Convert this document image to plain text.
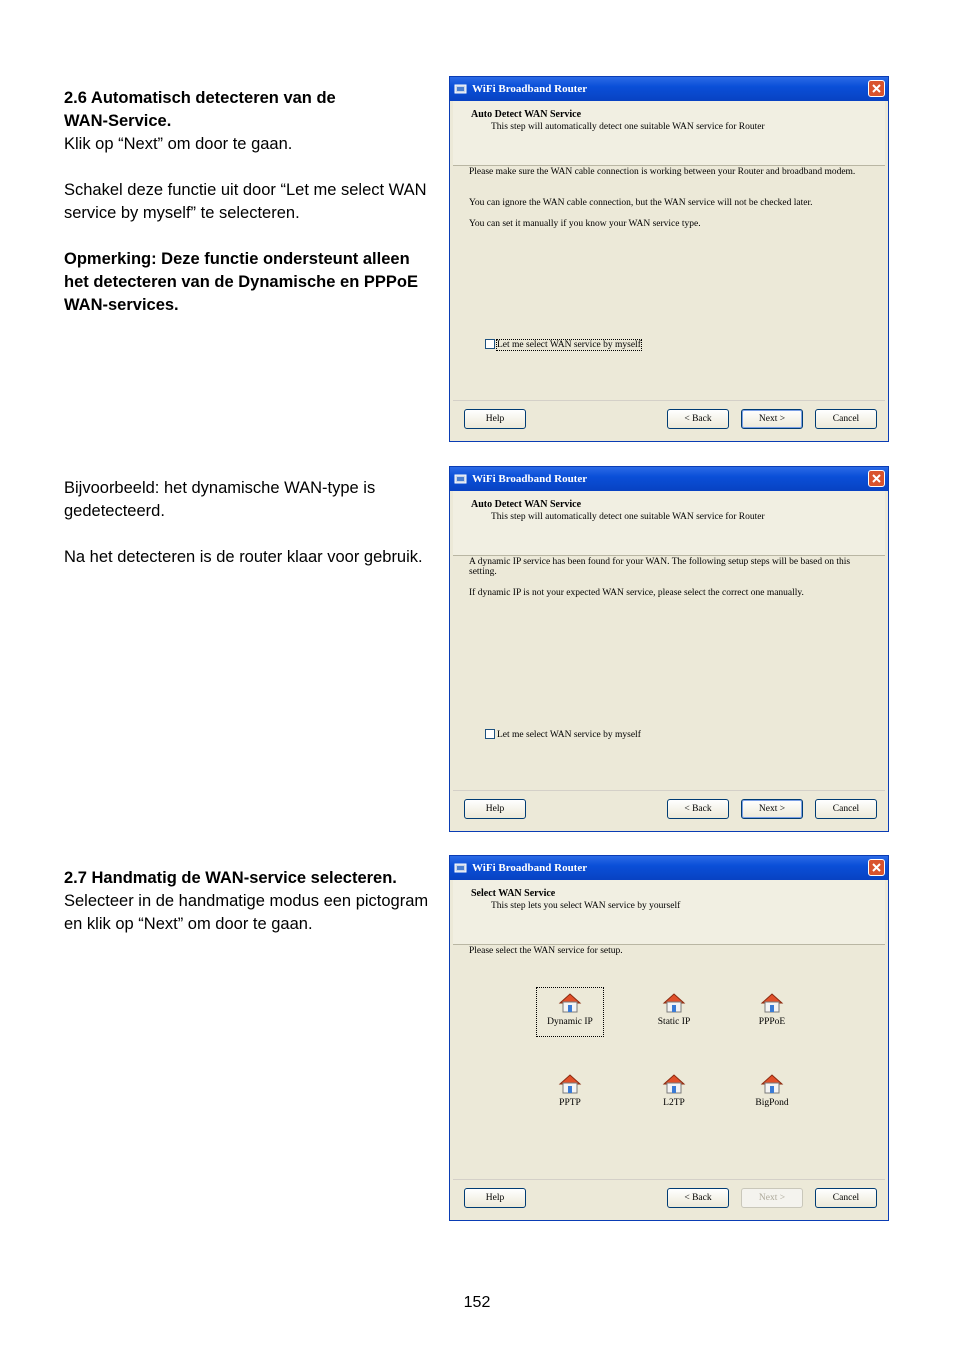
2.6 Automatisch detecteren van de
WAN-Service.

Klik op “Next” om door te gaan.

Schakel deze functie uit door “Let me select WAN service by myself” te selecteren.

Opmerking: Deze functie ondersteunt alleen het detecteren van de Dynamische en PPPoE WAN-services.

Bijvoorbeeld: het dynamische WAN-type is gedetecteerd.

Na het detecteren is de router klaar voor gebruik.

2.7 Handmatig de WAN-service selecteren.

Selecteer in de handmatige modus een pictogram en klik op “Next” om door te gaan.

WiFi Broadband Router
Auto Detect WAN Service
This step will automatically detect one suitable WAN service for Router
Please make sure the WAN cable connection is working between your Router and broadband modem.
You can ignore the WAN cable connection, but the WAN service will not be checked later.
You can set it manually if you know your WAN service type.
Let me select WAN service by myself
Help	< Back	Next >	Cancel
WiFi Broadband Router
Auto Detect WAN Service
This step will automatically detect one suitable WAN service for Router
A dynamic IP service has been found for your WAN. The following setup steps will be based on this setting.
If dynamic IP is not your expected WAN service, please select the correct one manually.
Let me select WAN service by myself
Help	< Back	Next >	Cancel
WiFi Broadband Router
Select WAN Service
This step lets you select WAN service by yourself
Please select the WAN service for setup.
Dynamic IP	Static IP	PPPoE
PPTP	L2TP	BigPond
Help	< Back	Next >	Cancel
152
